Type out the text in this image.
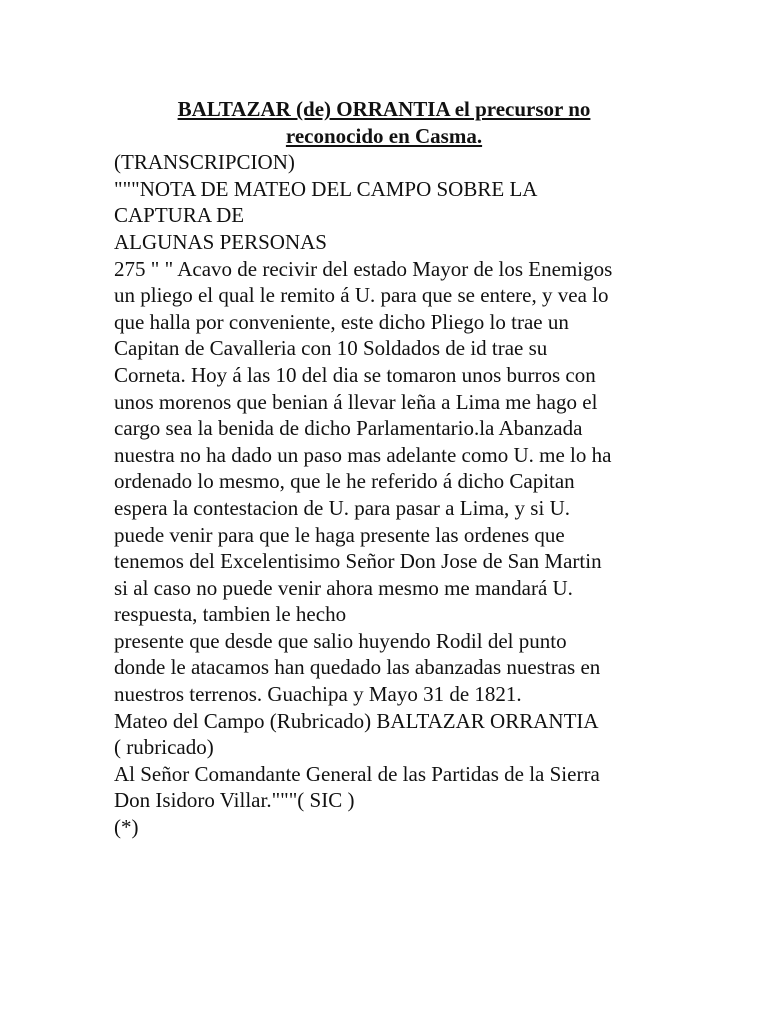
BALTAZAR (de) ORRANTIA el precursor no
reconocido en Casma.
(TRANSCRIPCION)
"""NOTA DE MATEO DEL CAMPO SOBRE LA
CAPTURA DE
ALGUNAS PERSONAS
275 " " Acavo de recivir del estado Mayor de los Enemigos
un pliego el qual le remito á U. para que se entere, y vea lo
que halla por conveniente, este dicho Pliego lo trae un
Capitan de Cavalleria con 10 Soldados de id trae su
Corneta. Hoy á las 10 del dia se tomaron unos burros con
unos morenos que benian á llevar leña a Lima me hago el
cargo sea la benida de dicho Parlamentario.la Abanzada
nuestra no ha dado un paso mas adelante como U. me lo ha
ordenado lo mesmo, que le he referido á dicho Capitan
espera la contestacion de U. para pasar a Lima, y si U.
puede venir para que le haga presente las ordenes que
tenemos del Excelentisimo Señor Don Jose de San Martin
si al caso no puede venir ahora mesmo me mandará U.
respuesta, tambien le hecho
presente que desde que salio huyendo Rodil del punto
donde le atacamos han quedado las abanzadas nuestras en
nuestros terrenos. Guachipa y Mayo 31 de 1821.
Mateo del Campo (Rubricado) BALTAZAR ORRANTIA
( rubricado)
Al Señor Comandante General de las Partidas de la Sierra
Don Isidoro Villar."""( SIC )
(*)
